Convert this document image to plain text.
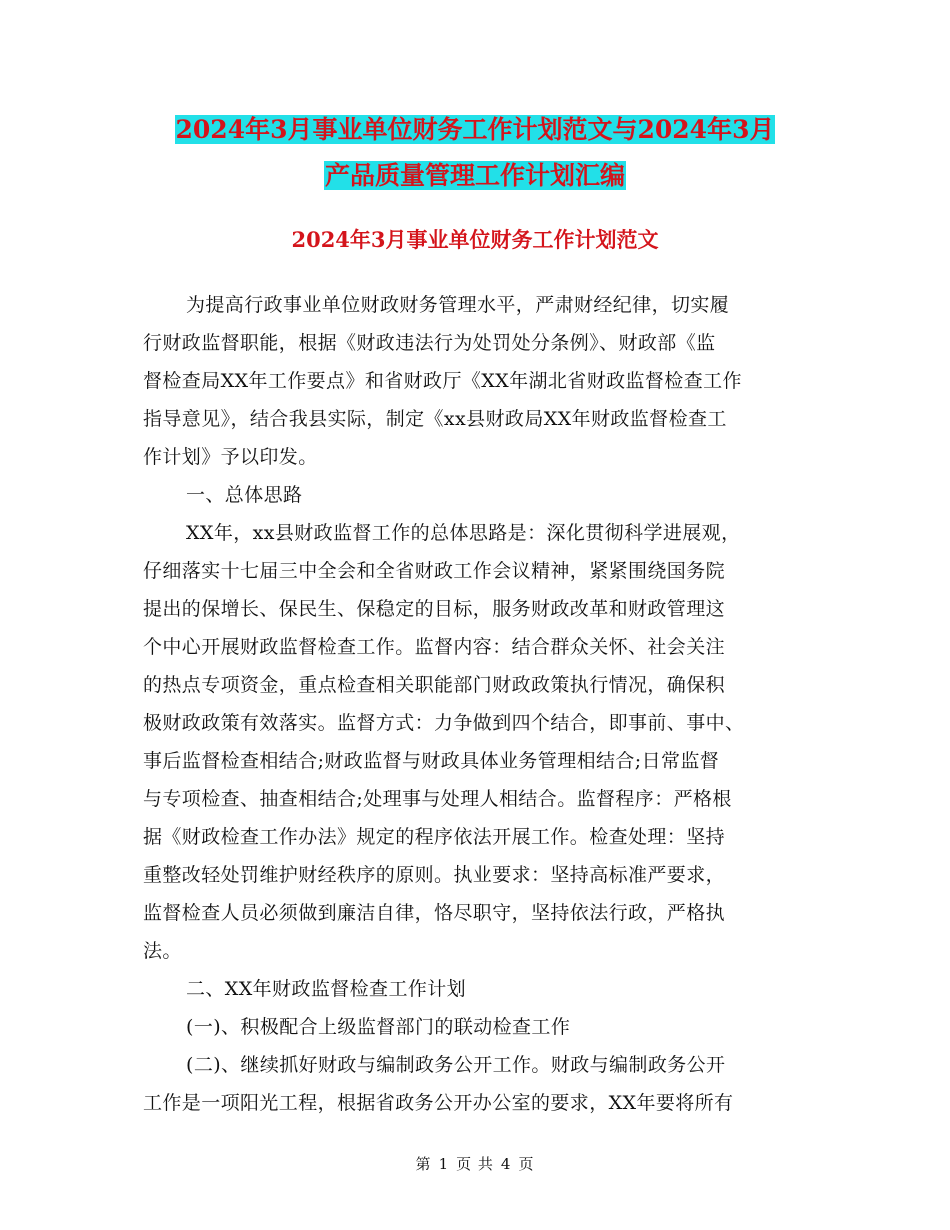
2024年3月事业单位财务工作计划范文与2024年3月
产品质量管理工作计划汇编
2024年3月事业单位财务工作计划范文
为提高行政事业单位财政财务管理水平，严肃财经纪律，切实履
行财政监督职能，根据《财政违法行为处罚处分条例》、财政部《监
督检查局XX年工作要点》和省财政厅《XX年湖北省财政监督检查工作
指导意见》，结合我县实际，制定《xx县财政局XX年财政监督检查工
作计划》予以印发。
一、总体思路
XX年，xx县财政监督工作的总体思路是：深化贯彻科学进展观，
仔细落实十七届三中全会和全省财政工作会议精神，紧紧围绕国务院
提出的保增长、保民生、保稳定的目标，服务财政改革和财政管理这
个中心开展财政监督检查工作。监督内容：结合群众关怀、社会关注
的热点专项资金，重点检查相关职能部门财政政策执行情况，确保积
极财政政策有效落实。监督方式：力争做到四个结合，即事前、事中、
事后监督检查相结合;财政监督与财政具体业务管理相结合;日常监督
与专项检查、抽查相结合;处理事与处理人相结合。监督程序：严格根
据《财政检查工作办法》规定的程序依法开展工作。检查处理：坚持
重整改轻处罚维护财经秩序的原则。执业要求：坚持高标准严要求，
监督检查人员必须做到廉洁自律，恪尽职守，坚持依法行政，严格执
法。
二、XX年财政监督检查工作计划
(一)、积极配合上级监督部门的联动检查工作
(二)、继续抓好财政与编制政务公开工作。财政与编制政务公开
工作是一项阳光工程，根据省政务公开办公室的要求，XX年要将所有
第 1 页 共 4 页
